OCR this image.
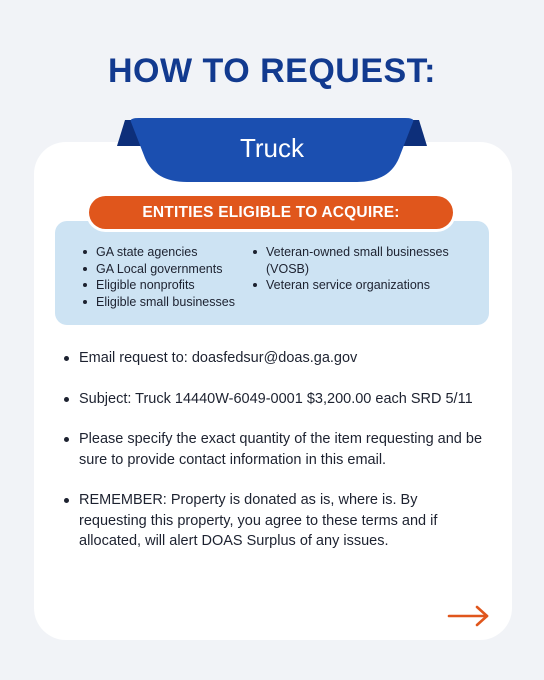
HOW TO REQUEST:
Truck
ENTITIES ELIGIBLE TO ACQUIRE:
GA state agencies
GA Local governments
Eligible nonprofits
Eligible small businesses
Veteran-owned small businesses (VOSB)
Veteran service organizations
Email request to: doasfedsur@doas.ga.gov
Subject: Truck 14440W-6049-0001 $3,200.00 each SRD 5/11
Please specify the exact quantity of the item requesting and be sure to provide contact information in this email.
REMEMBER: Property is donated as is, where is. By requesting this property, you agree to these terms and if allocated, will alert DOAS Surplus of any issues.
